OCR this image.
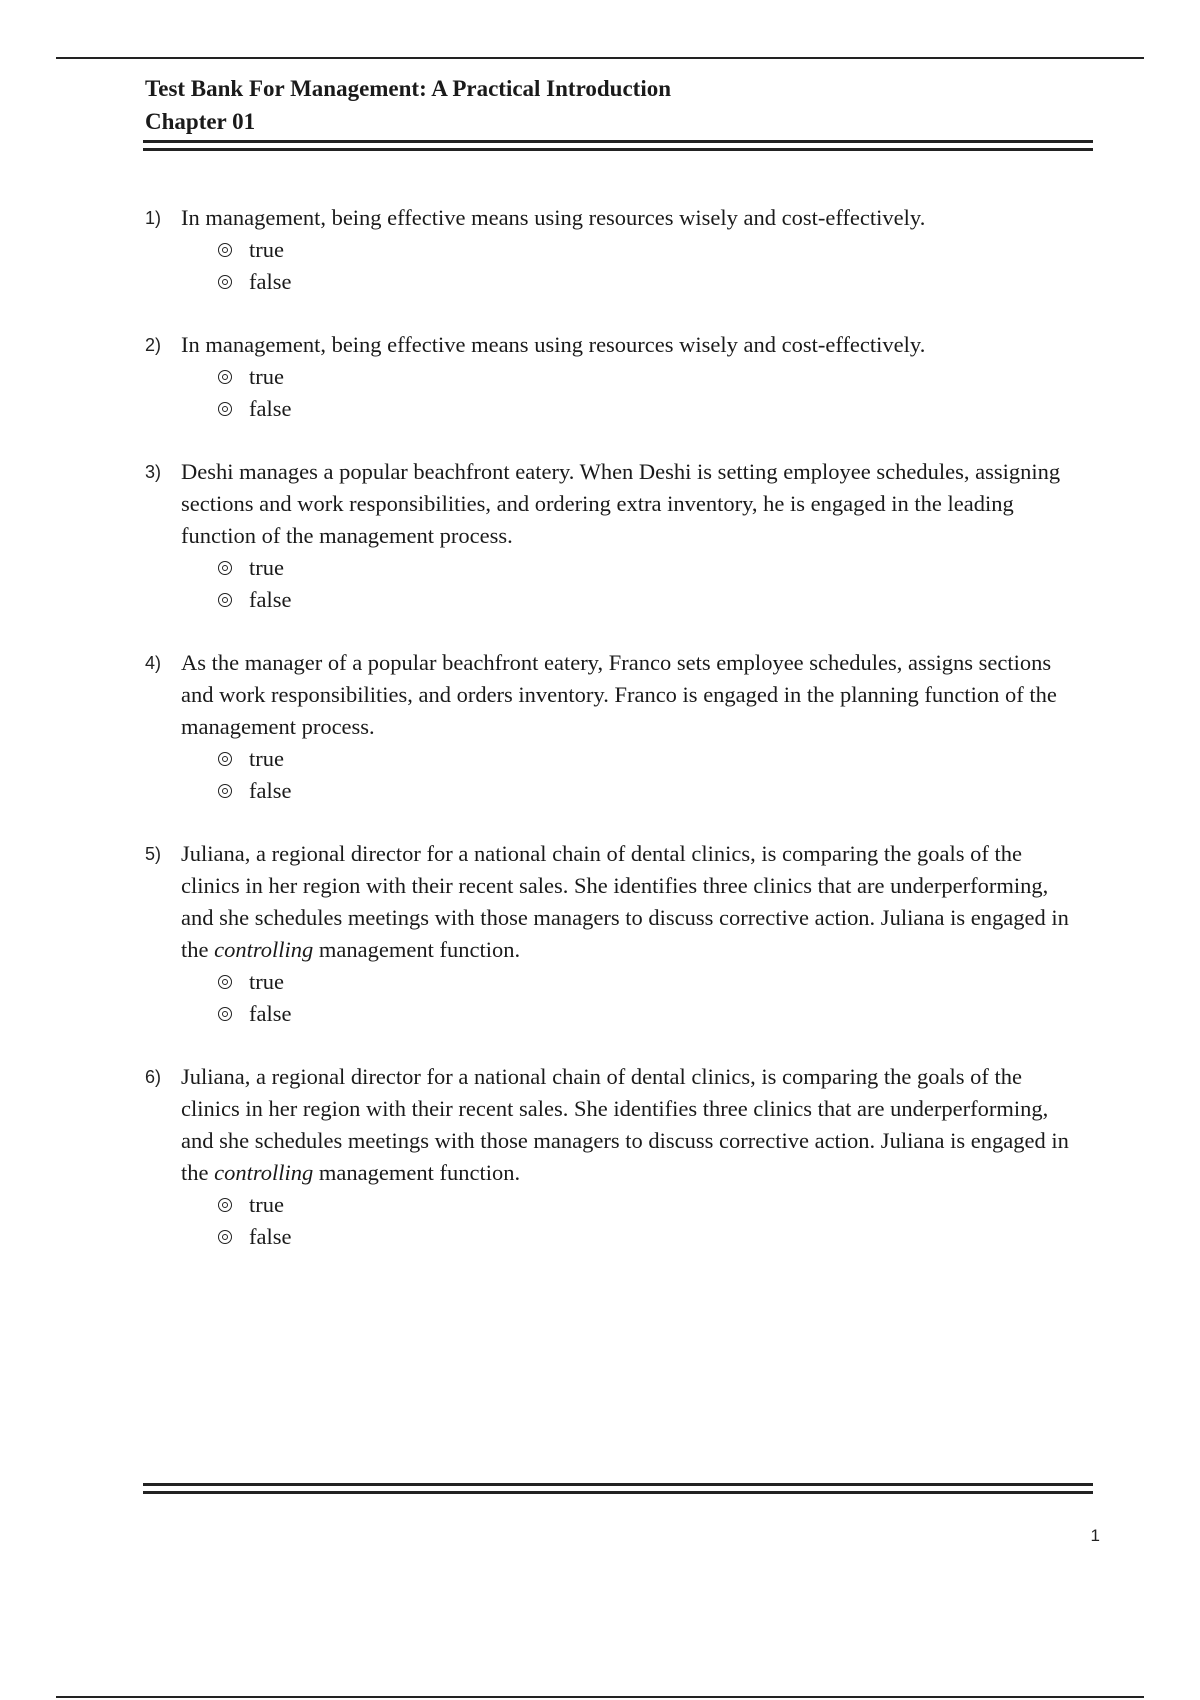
Test Bank For Management: A Practical Introduction
Chapter 01
1) In management, being effective means using resources wisely and cost-effectively.
true
false
2) In management, being effective means using resources wisely and cost-effectively.
true
false
3) Deshi manages a popular beachfront eatery. When Deshi is setting employee schedules, assigning sections and work responsibilities, and ordering extra inventory, he is engaged in the leading function of the management process.
true
false
4) As the manager of a popular beachfront eatery, Franco sets employee schedules, assigns sections and work responsibilities, and orders inventory. Franco is engaged in the planning function of the management process.
true
false
5) Juliana, a regional director for a national chain of dental clinics, is comparing the goals of the clinics in her region with their recent sales. She identifies three clinics that are underperforming, and she schedules meetings with those managers to discuss corrective action. Juliana is engaged in the controlling management function.
true
false
6) Juliana, a regional director for a national chain of dental clinics, is comparing the goals of the clinics in her region with their recent sales. She identifies three clinics that are underperforming, and she schedules meetings with those managers to discuss corrective action. Juliana is engaged in the controlling management function.
true
false
1
